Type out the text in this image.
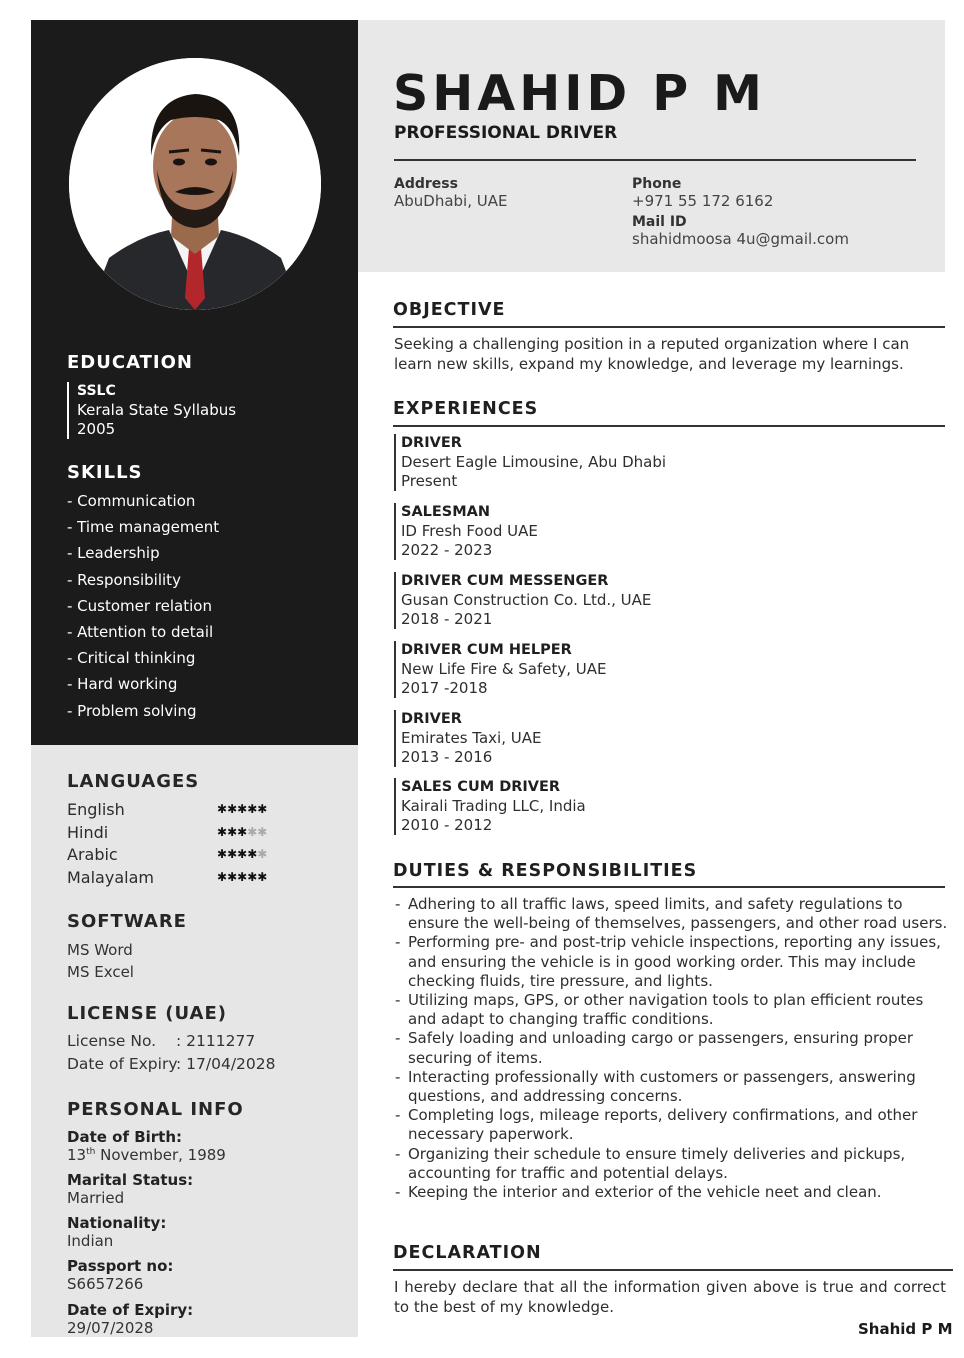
EDUCATION
SSLC
Kerala State Syllabus
2005
SKILLS
- Communication
- Time management
- Leadership
- Responsibility
- Customer relation
- Attention to detail
- Critical thinking
- Hard working
- Problem solving
LANGUAGES
English	✱✱✱✱✱
Hindi	✱✱✱✱✱
Arabic	✱✱✱✱✱
Malayalam	✱✱✱✱✱
SOFTWARE
MS Word
MS Excel
LICENSE (UAE)
License No. : 2111277
Date of Expiry
: 17/04/2028
PERSONAL INFO
Date of Birth:
13th November, 1989
Marital Status:
Married
Nationality:
Indian
Passport no:
S6657266
Date of Expiry:
29/07/2028
SHAHID P M
PROFESSIONAL DRIVER
Address
AbuDhabi, UAE
Phone
+971 55 172 6162
Mail ID
shahidmoosa 4u@gmail.com
OBJECTIVE
Seeking a challenging position in a reputed organization where I can learn new skills, expand my knowledge, and leverage my learnings.
EXPERIENCES
DRIVER
Desert Eagle Limousine, Abu Dhabi
Present
SALESMAN
ID Fresh Food UAE
2022 - 2023
DRIVER CUM MESSENGER
Gusan Construction Co. Ltd., UAE
2018 - 2021
DRIVER CUM HELPER
New Life Fire & Safety, UAE
2017 -2018
DRIVER
Emirates Taxi, UAE
2013 - 2016
SALES CUM DRIVER
Kairali Trading LLC, India
2010 - 2012
DUTIES & RESPONSIBILITIES
- Adhering to all traffic laws, speed limits, and safety regulations to ensure the well-being of themselves, passengers, and other road users.
- Performing pre- and post-trip vehicle inspections, reporting any issues, and ensuring the vehicle is in good working order. This may include checking fluids, tire pressure, and lights.
- Utilizing maps, GPS, or other navigation tools to plan efficient routes and adapt to changing traffic conditions.
- Safely loading and unloading cargo or passengers, ensuring proper securing of items.
- Interacting professionally with customers or passengers, answering questions, and addressing concerns.
- Completing logs, mileage reports, delivery confirmations, and other necessary paperwork.
- Organizing their schedule to ensure timely deliveries and pickups, accounting for traffic and potential delays.
- Keeping the interior and exterior of the vehicle neet and clean.
DECLARATION
I hereby declare that all the information given above is true and correct to the best of my knowledge.
Shahid P M
